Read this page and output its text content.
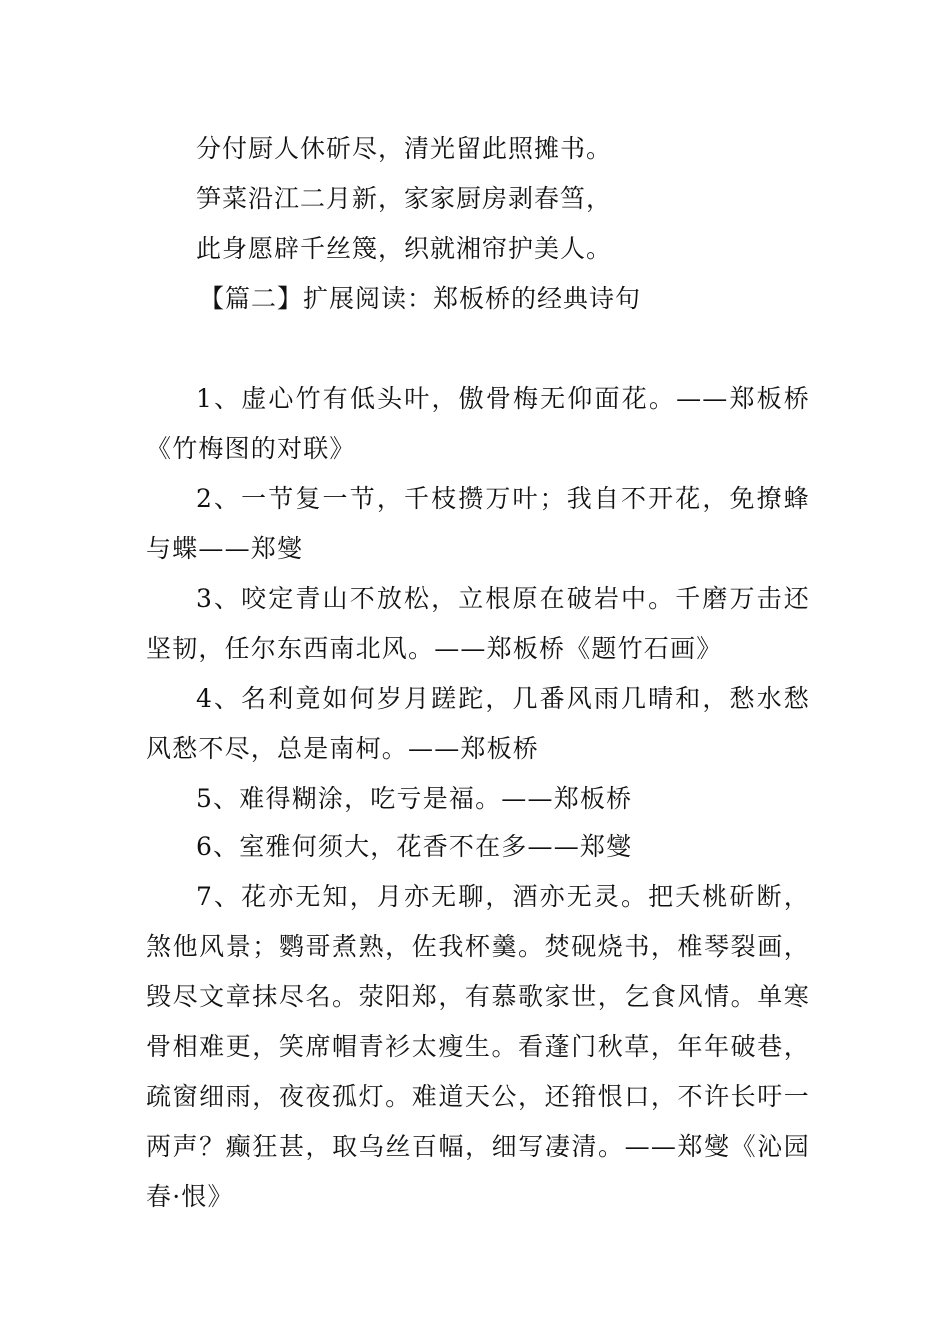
分付厨人休斫尽，清光留此照摊书。
笋菜沿江二月新，家家厨房剥春筜，
此身愿辟千丝篾，织就湘帘护美人。
【篇二】扩展阅读：郑板桥的经典诗句

1、虚心竹有低头叶，傲骨梅无仰面花。——郑板桥《竹梅图的对联》

2、一节复一节，千枝攒万叶；我自不开花，免撩蜂与蝶——郑燮

3、咬定青山不放松，立根原在破岩中。千磨万击还坚韧，任尔东西南北风。——郑板桥《题竹石画》

4、名利竟如何岁月蹉跎，几番风雨几晴和，愁水愁风愁不尽，总是南柯。——郑板桥

5、难得糊涂，吃亏是福。——郑板桥

6、室雅何须大，花香不在多——郑燮

7、花亦无知，月亦无聊，酒亦无灵。把夭桃斫断，煞他风景；鹦哥煮熟，佐我杯羹。焚砚烧书，椎琴裂画，毁尽文章抹尽名。荥阳郑，有慕歌家世，乞食风情。单寒骨相难更，笑席帽青衫太瘦生。看蓬门秋草，年年破巷，疏窗细雨，夜夜孤灯。难道天公，还箝恨口，不许长吁一两声？癫狂甚，取乌丝百幅，细写凄清。——郑燮《沁园春·恨》
